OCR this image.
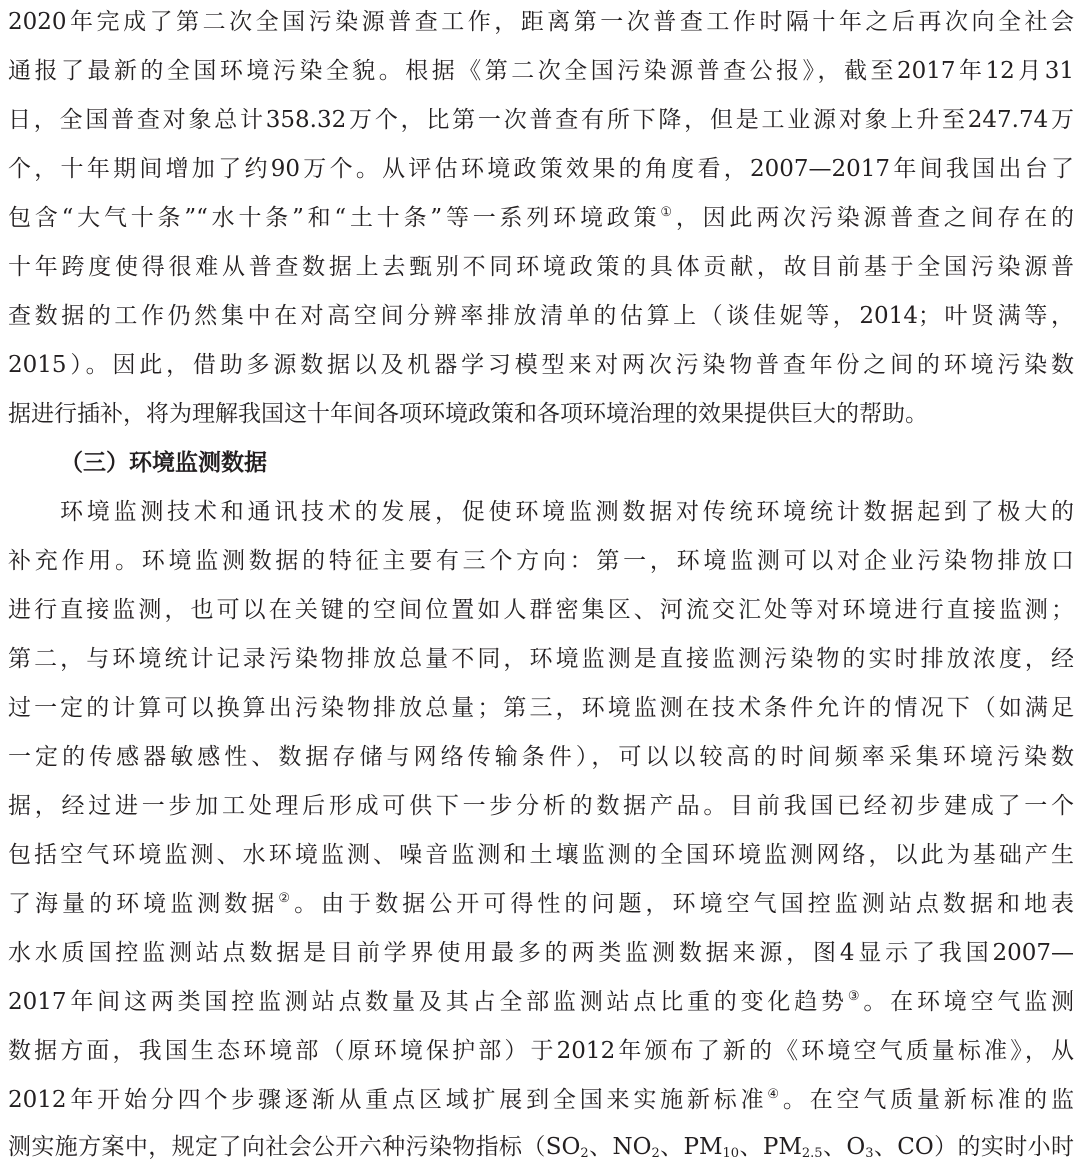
2020年完成了第二次全国污染源普查工作，距离第一次普查工作时隔十年之后再次向全社会
通报了最新的全国环境污染全貌。根据《第二次全国污染源普查公报》，截至2017年12月31
日，全国普查对象总计358.32万个，比第一次普查有所下降，但是工业源对象上升至247.74万
个，十年期间增加了约90万个。从评估环境政策效果的角度看，2007—2017年间我国出台了
包含“大气十条”“水十条”和“土十条”等一系列环境政策①，因此两次污染源普查之间存在的
十年跨度使得很难从普查数据上去甄别不同环境政策的具体贡献，故目前基于全国污染源普
查数据的工作仍然集中在对高空间分辨率排放清单的估算上（谈佳妮等，2014；叶贤满等，
2015）。因此，借助多源数据以及机器学习模型来对两次污染物普查年份之间的环境污染数
据进行插补，将为理解我国这十年间各项环境政策和各项环境治理的效果提供巨大的帮助。
（三）环境监测数据
环境监测技术和通讯技术的发展，促使环境监测数据对传统环境统计数据起到了极大的
补充作用。环境监测数据的特征主要有三个方向：第一，环境监测可以对企业污染物排放口
进行直接监测，也可以在关键的空间位置如人群密集区、河流交汇处等对环境进行直接监测；
第二，与环境统计记录污染物排放总量不同，环境监测是直接监测污染物的实时排放浓度，经
过一定的计算可以换算出污染物排放总量；第三，环境监测在技术条件允许的情况下（如满足
一定的传感器敏感性、数据存储与网络传输条件），可以以较高的时间频率采集环境污染数
据，经过进一步加工处理后形成可供下一步分析的数据产品。目前我国已经初步建成了一个
包括空气环境监测、水环境监测、噪音监测和土壤监测的全国环境监测网络，以此为基础产生
了海量的环境监测数据②。由于数据公开可得性的问题，环境空气国控监测站点数据和地表
水水质国控监测站点数据是目前学界使用最多的两类监测数据来源，图4显示了我国2007—
2017年间这两类国控监测站点数量及其占全部监测站点比重的变化趋势③。在环境空气监测
数据方面，我国生态环境部（原环境保护部）于2012年颁布了新的《环境空气质量标准》，从
2012年开始分四个步骤逐渐从重点区域扩展到全国来实施新标准④。在空气质量新标准的监
测实施方案中，规定了向社会公开六种污染物指标（$SO_2$、$NO_2$、$PM_{10}$、$PM_{2.5}$、$O_3$、CO）的实时小时
